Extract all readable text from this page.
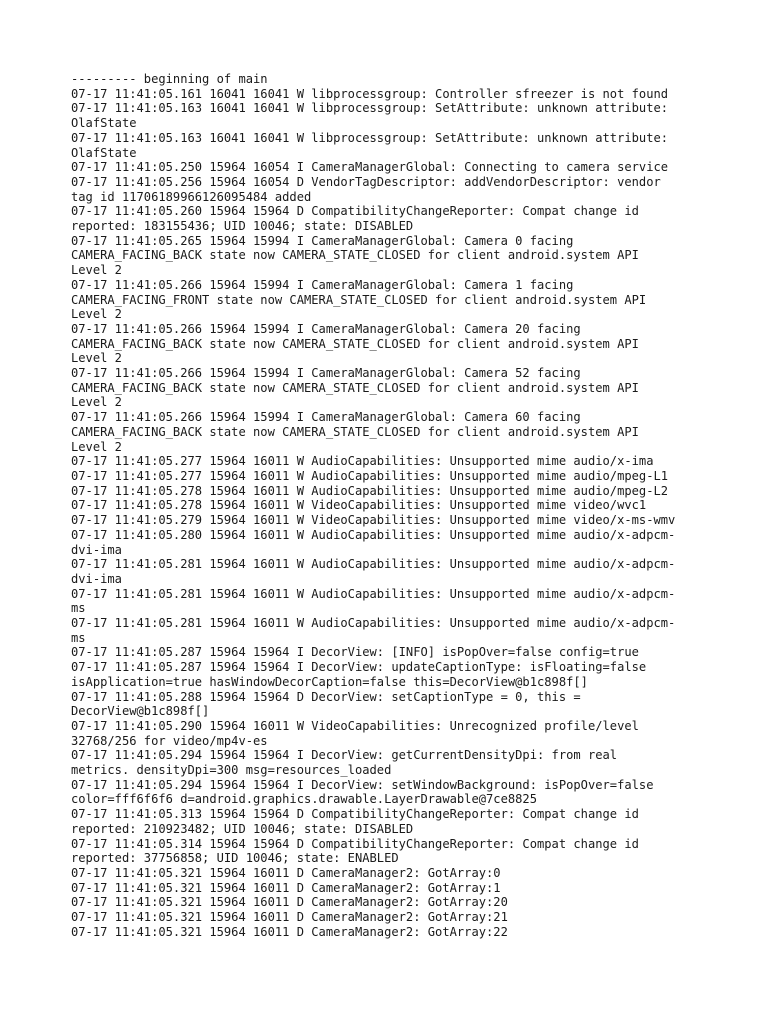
--------- beginning of main
07-17 11:41:05.161 16041 16041 W libprocessgroup: Controller sfreezer is not found
07-17 11:41:05.163 16041 16041 W libprocessgroup: SetAttribute: unknown attribute:
OlafState
07-17 11:41:05.163 16041 16041 W libprocessgroup: SetAttribute: unknown attribute:
OlafState
07-17 11:41:05.250 15964 16054 I CameraManagerGlobal: Connecting to camera service
07-17 11:41:05.256 15964 16054 D VendorTagDescriptor: addVendorDescriptor: vendor
tag id 11706189966126095484 added
07-17 11:41:05.260 15964 15964 D CompatibilityChangeReporter: Compat change id
reported: 183155436; UID 10046; state: DISABLED
07-17 11:41:05.265 15964 15994 I CameraManagerGlobal: Camera 0 facing
CAMERA_FACING_BACK state now CAMERA_STATE_CLOSED for client android.system API
Level 2
07-17 11:41:05.266 15964 15994 I CameraManagerGlobal: Camera 1 facing
CAMERA_FACING_FRONT state now CAMERA_STATE_CLOSED for client android.system API
Level 2
07-17 11:41:05.266 15964 15994 I CameraManagerGlobal: Camera 20 facing
CAMERA_FACING_BACK state now CAMERA_STATE_CLOSED for client android.system API
Level 2
07-17 11:41:05.266 15964 15994 I CameraManagerGlobal: Camera 52 facing
CAMERA_FACING_BACK state now CAMERA_STATE_CLOSED for client android.system API
Level 2
07-17 11:41:05.266 15964 15994 I CameraManagerGlobal: Camera 60 facing
CAMERA_FACING_BACK state now CAMERA_STATE_CLOSED for client android.system API
Level 2
07-17 11:41:05.277 15964 16011 W AudioCapabilities: Unsupported mime audio/x-ima
07-17 11:41:05.277 15964 16011 W AudioCapabilities: Unsupported mime audio/mpeg-L1
07-17 11:41:05.278 15964 16011 W AudioCapabilities: Unsupported mime audio/mpeg-L2
07-17 11:41:05.278 15964 16011 W VideoCapabilities: Unsupported mime video/wvc1
07-17 11:41:05.279 15964 16011 W VideoCapabilities: Unsupported mime video/x-ms-wmv
07-17 11:41:05.280 15964 16011 W AudioCapabilities: Unsupported mime audio/x-adpcm-
dvi-ima
07-17 11:41:05.281 15964 16011 W AudioCapabilities: Unsupported mime audio/x-adpcm-
dvi-ima
07-17 11:41:05.281 15964 16011 W AudioCapabilities: Unsupported mime audio/x-adpcm-
ms
07-17 11:41:05.281 15964 16011 W AudioCapabilities: Unsupported mime audio/x-adpcm-
ms
07-17 11:41:05.287 15964 15964 I DecorView: [INFO] isPopOver=false config=true
07-17 11:41:05.287 15964 15964 I DecorView: updateCaptionType: isFloating=false
isApplication=true hasWindowDecorCaption=false this=DecorView@b1c898f[]
07-17 11:41:05.288 15964 15964 D DecorView: setCaptionType = 0, this =
DecorView@b1c898f[]
07-17 11:41:05.290 15964 16011 W VideoCapabilities: Unrecognized profile/level
32768/256 for video/mp4v-es
07-17 11:41:05.294 15964 15964 I DecorView: getCurrentDensityDpi: from real
metrics. densityDpi=300 msg=resources_loaded
07-17 11:41:05.294 15964 15964 I DecorView: setWindowBackground: isPopOver=false
color=fff6f6f6 d=android.graphics.drawable.LayerDrawable@7ce8825
07-17 11:41:05.313 15964 15964 D CompatibilityChangeReporter: Compat change id
reported: 210923482; UID 10046; state: DISABLED
07-17 11:41:05.314 15964 15964 D CompatibilityChangeReporter: Compat change id
reported: 37756858; UID 10046; state: ENABLED
07-17 11:41:05.321 15964 16011 D CameraManager2: GotArray:0
07-17 11:41:05.321 15964 16011 D CameraManager2: GotArray:1
07-17 11:41:05.321 15964 16011 D CameraManager2: GotArray:20
07-17 11:41:05.321 15964 16011 D CameraManager2: GotArray:21
07-17 11:41:05.321 15964 16011 D CameraManager2: GotArray:22
